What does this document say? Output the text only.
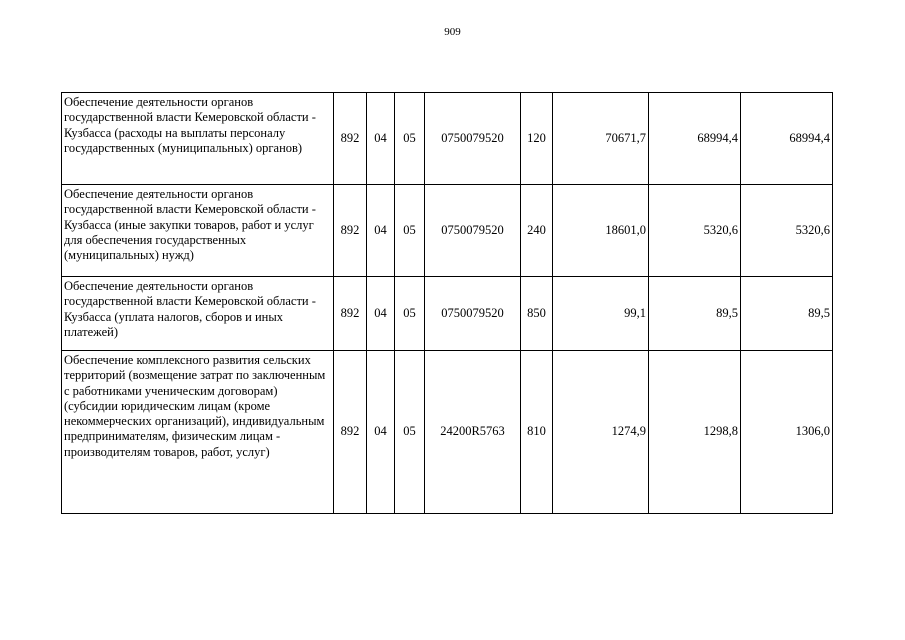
909
Обеспечение деятельности органов государственной власти Кемеровской области - Кузбасса (расходы на выплаты персоналу государственных (муниципальных) органов)	892	04	05	0750079520	120	70671,7	68994,4	68994,4
Обеспечение деятельности органов государственной власти Кемеровской области - Кузбасса (иные закупки товаров, работ и услуг для обеспечения государственных (муниципальных) нужд)	892	04	05	0750079520	240	18601,0	5320,6	5320,6
Обеспечение деятельности органов государственной власти Кемеровской области - Кузбасса (уплата налогов, сборов и иных платежей)	892	04	05	0750079520	850	99,1	89,5	89,5
Обеспечение комплексного развития сельских территорий (возмещение затрат по заключенным с работниками ученическим договорам) (субсидии юридическим лицам (кроме некоммерческих организаций), индивидуальным предпринимателям, физическим лицам - производителям товаров, работ, услуг)	892	04	05	24200R5763	810	1274,9	1298,8	1306,0
